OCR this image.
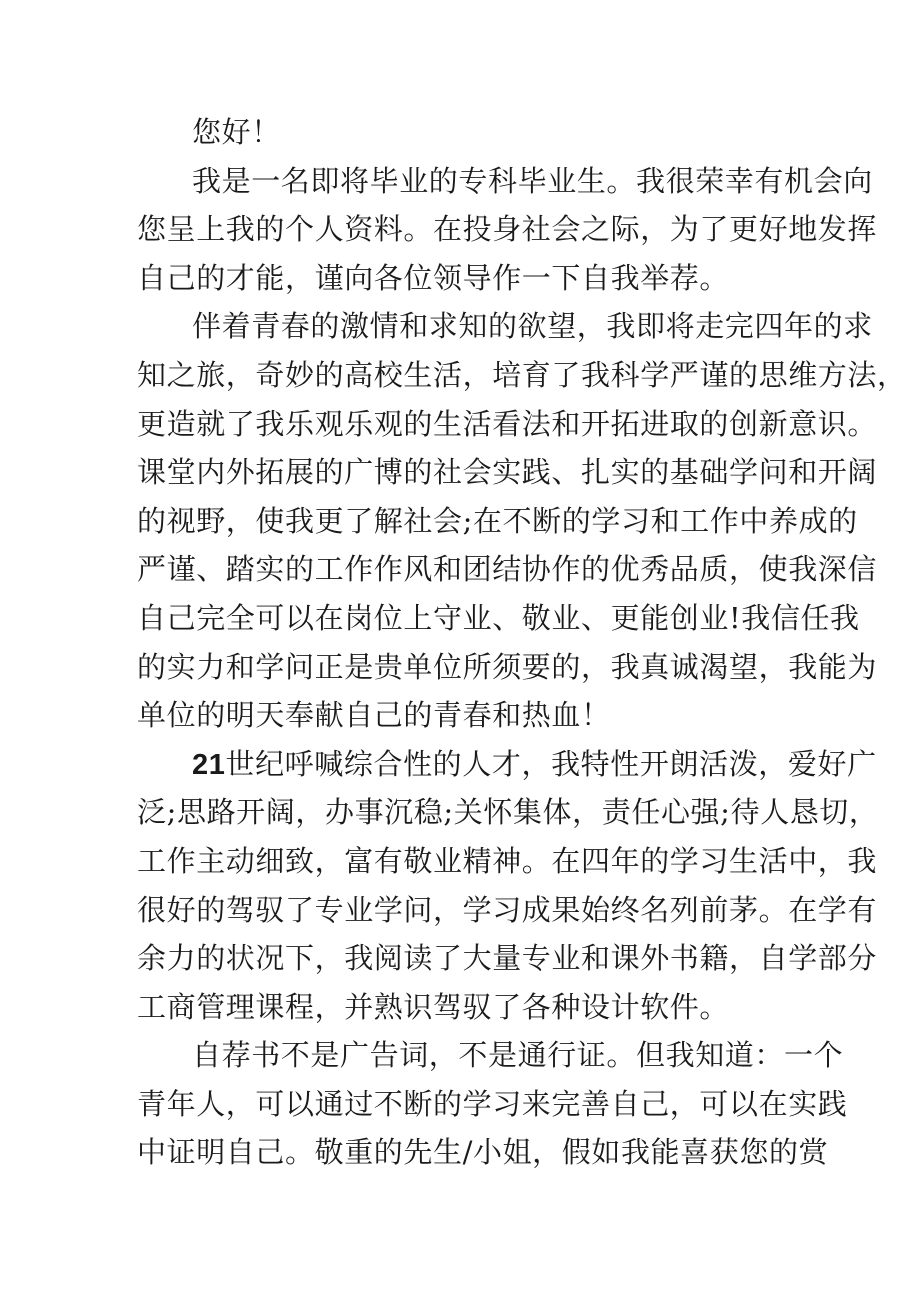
您好！
我是一名即将毕业的专科毕业生。我很荣幸有机会向
您呈上我的个人资料。在投身社会之际，为了更好地发挥
自己的才能，谨向各位领导作一下自我举荐。
伴着青春的激情和求知的欲望，我即将走完四年的求
知之旅，奇妙的高校生活，培育了我科学严谨的思维方法，
更造就了我乐观乐观的生活看法和开拓进取的创新意识。
课堂内外拓展的广博的社会实践、扎实的基础学问和开阔
的视野，使我更了解社会;在不断的学习和工作中养成的
严谨、踏实的工作作风和团结协作的优秀品质，使我深信
自己完全可以在岗位上守业、敬业、更能创业!我信任我
的实力和学问正是贵单位所须要的，我真诚渴望，我能为
单位的明天奉献自己的青春和热血！
21世纪呼喊综合性的人才，我特性开朗活泼，爱好广
泛;思路开阔，办事沉稳;关怀集体，责任心强;待人恳切，
工作主动细致，富有敬业精神。在四年的学习生活中，我
很好的驾驭了专业学问，学习成果始终名列前茅。在学有
余力的状况下，我阅读了大量专业和课外书籍，自学部分
工商管理课程，并熟识驾驭了各种设计软件。
自荐书不是广告词，不是通行证。但我知道：一个
青年人，可以通过不断的学习来完善自己，可以在实践
中证明自己。敬重的先生/小姐，假如我能喜获您的赏
